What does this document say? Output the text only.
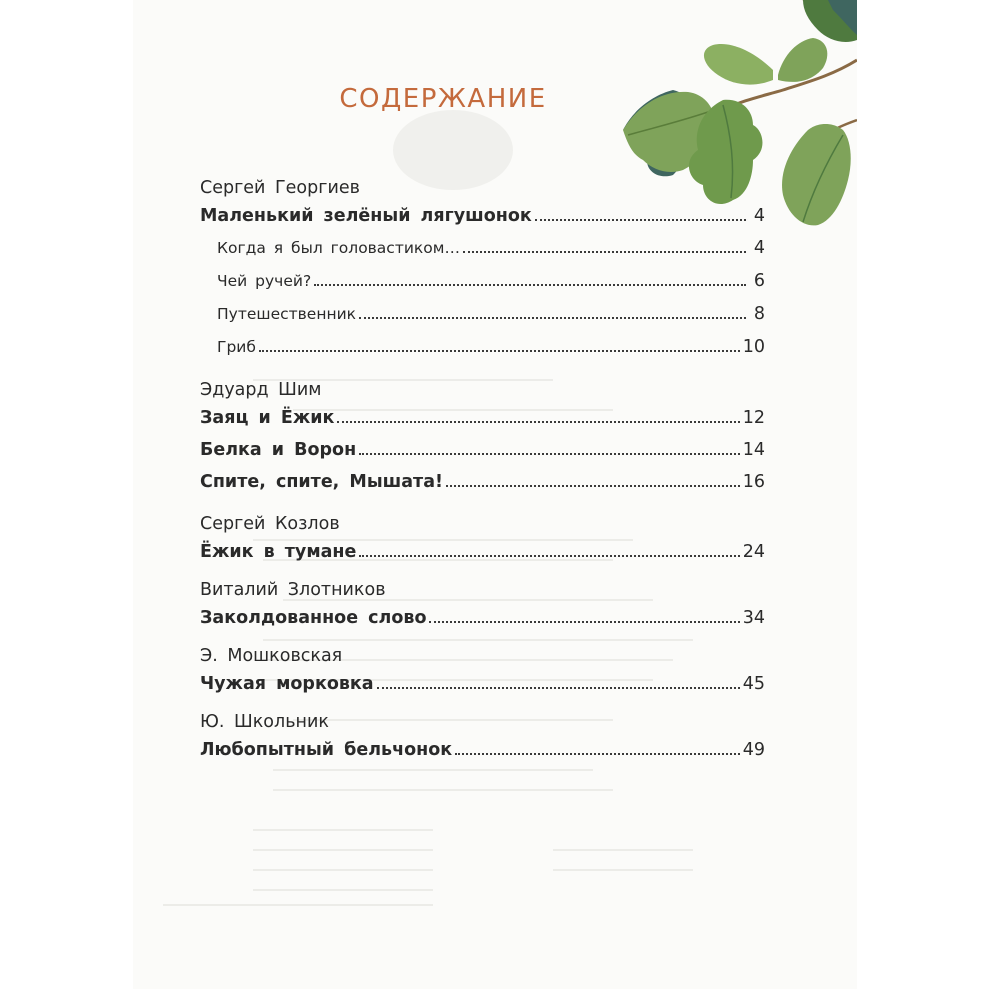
СОДЕРЖАНИЕ
Сергей Георгиев
Маленький зелёный лягушонок	4
Когда я был головастиком…	4
Чей ручей?	6
Путешественник	8
Гриб	10
Эдуард Шим
Заяц и Ёжик	12
Белка и Ворон	14
Спите, спите, Мышата!	16
Сергей Козлов
Ёжик в тумане	24
Виталий Злотников
Заколдованное слово	34
Э. Мошковская
Чужая морковка	45
Ю. Школьник
Любопытный бельчонок	49
